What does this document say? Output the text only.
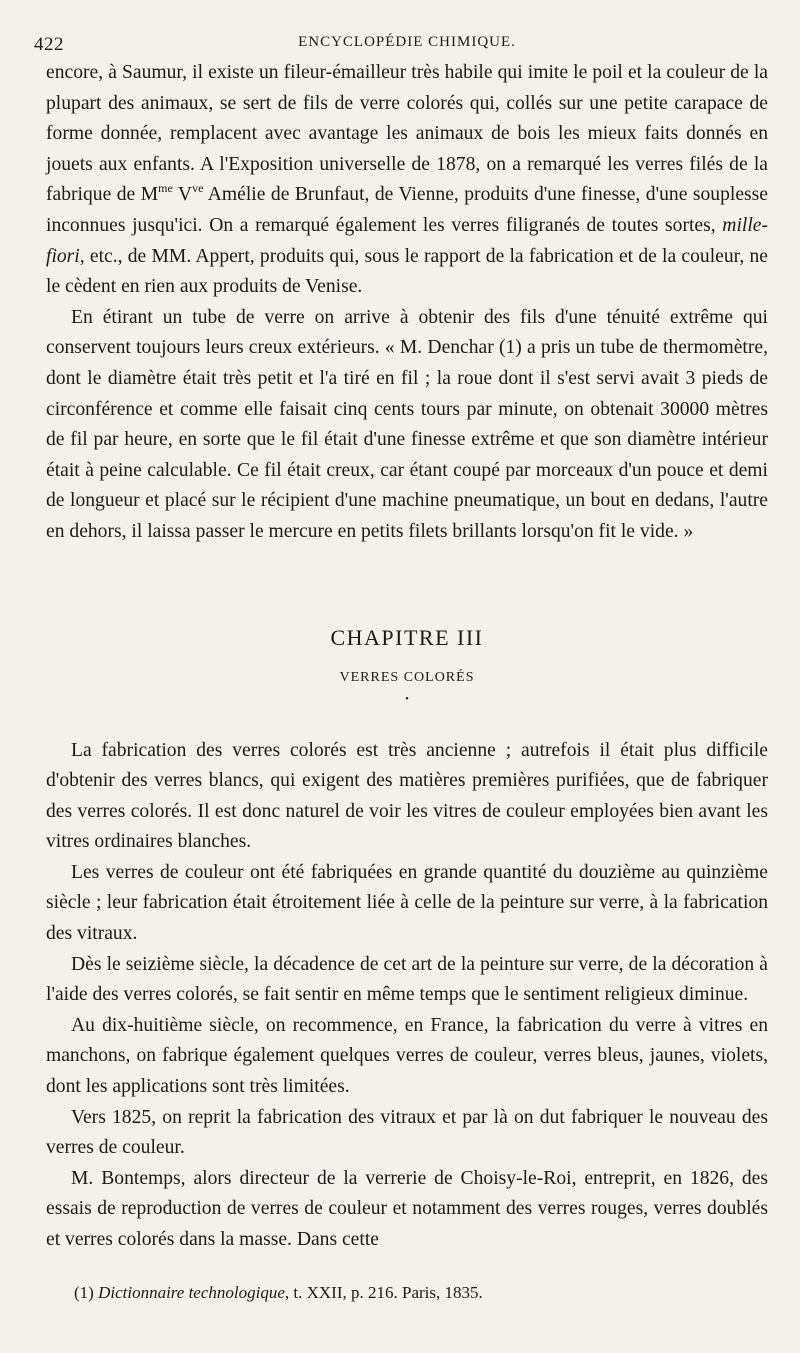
422	ENCYCLOPÉDIE CHIMIQUE.

encore, à Saumur, il existe un fileur-émailleur très habile qui imite le poil et la couleur de la plupart des animaux, se sert de fils de verre colorés qui, collés sur une petite carapace de forme donnée, remplacent avec avantage les animaux de bois les mieux faits donnés en jouets aux enfants. A l'Exposition universelle de 1878, on a remarqué les verres filés de la fabrique de $M^{me}$ $V^{ve}$ Amélie de Brunfaut, de Vienne, produits d'une finesse, d'une souplesse inconnues jusqu'ici. On a remarqué également les verres filigranés de toutes sortes, mille-fiori, etc., de MM. Appert, produits qui, sous le rapport de la fabrication et de la couleur, ne le cèdent en rien aux produits de Venise.

En étirant un tube de verre on arrive à obtenir des fils d'une ténuité extrême qui conservent toujours leurs creux extérieurs. « M. Denchar (1) a pris un tube de thermomètre, dont le diamètre était très petit et l'a tiré en fil ; la roue dont il s'est servi avait 3 pieds de circonférence et comme elle faisait cinq cents tours par minute, on obtenait 30000 mètres de fil par heure, en sorte que le fil était d'une finesse extrême et que son diamètre intérieur était à peine calculable. Ce fil était creux, car étant coupé par morceaux d'un pouce et demi de longueur et placé sur le récipient d'une machine pneumatique, un bout en dedans, l'autre en dehors, il laissa passer le mercure en petits filets brillants lorsqu'on fit le vide. »

CHAPITRE III
VERRES COLORÉS
•

La fabrication des verres colorés est très ancienne ; autrefois il était plus difficile d'obtenir des verres blancs, qui exigent des matières premières purifiées, que de fabriquer des verres colorés. Il est donc naturel de voir les vitres de couleur employées bien avant les vitres ordinaires blanches.

Les verres de couleur ont été fabriquées en grande quantité du douzième au quinzième siècle ; leur fabrication était étroitement liée à celle de la peinture sur verre, à la fabrication des vitraux.

Dès le seizième siècle, la décadence de cet art de la peinture sur verre, de la décoration à l'aide des verres colorés, se fait sentir en même temps que le sentiment religieux diminue.

Au dix-huitième siècle, on recommence, en France, la fabrication du verre à vitres en manchons, on fabrique également quelques verres de couleur, verres bleus, jaunes, violets, dont les applications sont très limitées.

Vers 1825, on reprit la fabrication des vitraux et par là on dut fabriquer le nouveau des verres de couleur.

M. Bontemps, alors directeur de la verrerie de Choisy-le-Roi, entreprit, en 1826, des essais de reproduction de verres de couleur et notamment des verres rouges, verres doublés et verres colorés dans la masse. Dans cette

(1) Dictionnaire technologique, t. XXII, p. 216. Paris, 1835.
